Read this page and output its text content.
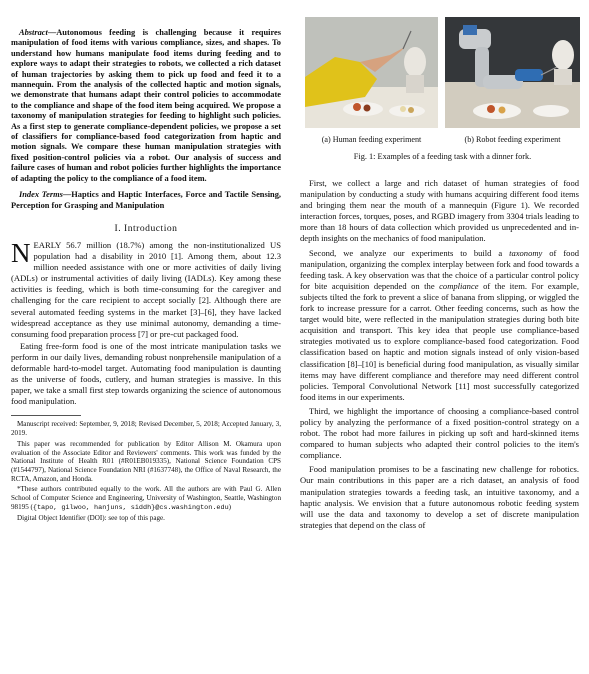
Abstract—Autonomous feeding is challenging because it requires manipulation of food items with various compliance, sizes, and shapes. To understand how humans manipulate food items during feeding and to explore ways to adapt their strategies to robots, we collected a rich dataset of human trajectories by asking them to pick up food and feed it to a mannequin. From the analysis of the collected haptic and motion signals, we demonstrate that humans adapt their control policies to accommodate to the compliance and shape of the food item being acquired. We propose a taxonomy of manipulation strategies for feeding to highlight such policies. As a first step to generate compliance-dependent policies, we propose a set of classifiers for compliance-based food categorization from haptic and motion signals. We compare these human manipulation strategies with fixed position-control policies via a robot. Our analysis of success and failure cases of human and robot policies further highlights the importance of adapting the policy to the compliance of a food item.

Index Terms—Haptics and Haptic Interfaces, Force and Tactile Sensing, Perception for Grasping and Manipulation

I. Introduction

NEARLY 56.7 million (18.7%) among the non-institutionalized US population had a disability in 2010 [1]. Among them, about 12.3 million needed assistance with one or more activities of daily living (ADLs) or instrumental activities of daily living (IADLs). Key among these activities is feeding, which is both time-consuming for the caregiver and challenging for the care recipient to accept socially [2]. Although there are several automated feeding systems in the market [3]–[6], they have lacked widespread acceptance as they use minimal autonomy, demanding a time-consuming food preparation process [7] or pre-cut packaged food.

Eating free-form food is one of the most intricate manipulation tasks we perform in our daily lives, demanding robust nonprehensile manipulation of a deformable hard-to-model target. Automating food manipulation is daunting as the universe of foods, cutlery, and human strategies is massive. In this paper, we take a small first step towards organizing the science of autonomous food manipulation.

Manuscript received: September, 9, 2018; Revised December, 5, 2018; Accepted January, 3, 2019.

This paper was recommended for publication by Editor Allison M. Okamura upon evaluation of the Associate Editor and Reviewers' comments. This work was funded by the National Institute of Health R01 (#R01EB019335), National Science Foundation CPS (#1544797), National Science Foundation NRI (#1637748), the Office of Naval Research, the RCTA, Amazon, and Honda.

*These authors contributed equally to the work. All the authors are with Paul G. Allen School of Computer Science and Engineering, University of Washington, Seattle, Washington 98195 ({tapo, gilwoo, hanjuns, siddh}@cs.washington.edu)

Digital Object Identifier (DOI): see top of this page.

(a) Human feeding experiment	(b) Robot feeding experiment
Fig. 1: Examples of a feeding task with a dinner fork.

First, we collect a large and rich dataset of human strategies of food manipulation by conducting a study with humans acquiring different food items and bringing them near the mouth of a mannequin (Figure 1). We recorded interaction forces, torques, poses, and RGBD imagery from 3304 trials leading to more than 18 hours of data collection which provided us unprecedented and in-depth insights on the mechanics of food manipulation.

Second, we analyze our experiments to build a taxonomy of food manipulation, organizing the complex interplay between fork and food towards a feeding task. A key observation was that the choice of a particular control policy for bite acquisition depended on the compliance of the item. For example, subjects tilted the fork to prevent a slice of banana from slipping, or wiggled the fork to increase pressure for a carrot. Other feeding concerns, such as how the target would bite, were reflected in the manipulation strategies during both bite acquisition and transport. This key idea that people use compliance-based strategies motivated us to explore compliance-based food categorization. Food classification based on haptic and motion signals instead of only vision-based classification [8]–[10] is beneficial during food manipulation, as visually similar items may have different compliance and therefore may need different control policies. Temporal Convolutional Network [11] most successfully categorized food items in our experiments.

Third, we highlight the importance of choosing a compliance-based control policy by analyzing the performance of a fixed position-control strategy on a robot. The robot had more failures in picking up soft and hard-skinned items compared to human subjects who adapted their control policies to the item's compliance.

Food manipulation promises to be a fascinating new challenge for robotics. Our main contributions in this paper are a rich dataset, an analysis of food manipulation strategies towards a feeding task, an intuitive taxonomy, and a haptic analysis. We envision that a future autonomous robotic feeding system will use the data and taxonomy to develop a set of discrete manipulation strategies that depend on the class of
